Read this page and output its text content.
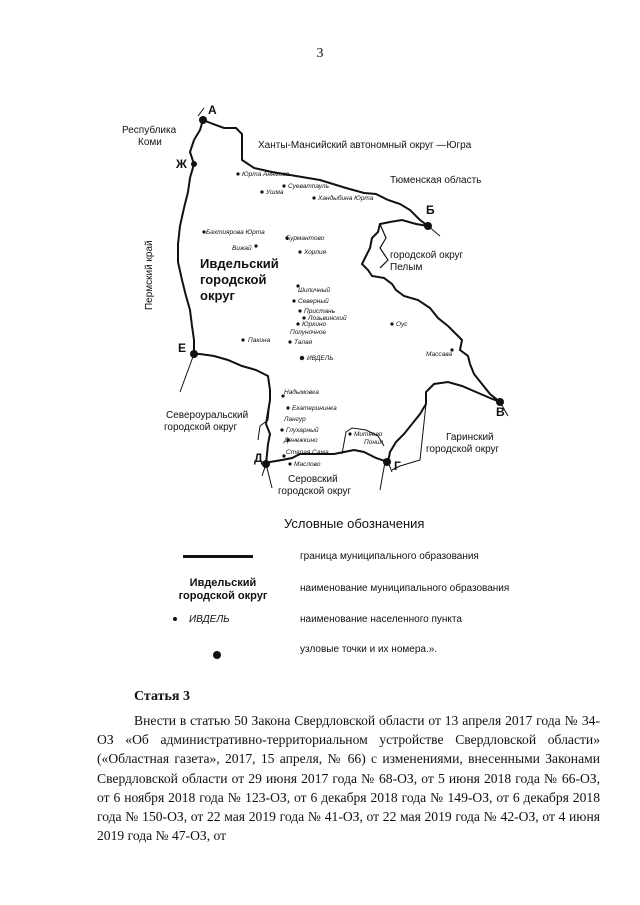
3
А
Б
В
Г
Д
Е
Ж
Республика
Коми	Ханты-Мансийский автономный округ —Югра
Тюменская область
Пермский край	городской округ
Пелым
Североуральский
городской округ
Гаринский
городской округ
Серовский
городской округ
Ивдельский
городской
округ
Юрта Анямова
Суеватпауль
Ушма
Хандыбина Юрта
Бахтиярова Юрта
Вижай
Бурмантово
Хорпия
Шипичный
Северный
Пристань
Лозьвинский
Юркино
Полуночное
Талая
Пакина
ИВДЕЛЬ
Оус
Массава
Надымовка
Екатерининка
Лангур
Глухарный
Денежкино
Митяево
Понил
Старая Сама
Маслово
Условные обозначения
граница муниципального образования
Ивдельский
городской округ
наименование муниципального образования
ИВДЕЛЬ	наименование населенного пункта
узловые точки и их номера.».
Статья 3

Внести в статью 50 Закона Свердловской области от 13 апреля 2017 года № 34-ОЗ «Об административно-территориальном устройстве Свердловской области» («Областная газета», 2017, 15 апреля, № 66) с изменениями, внесенными Законами Свердловской области от 29 июня 2017 года № 68-ОЗ, от 5 июня 2018 года № 66-ОЗ, от 6 ноября 2018 года № 123-ОЗ, от 6 декабря 2018 года № 149-ОЗ, от 6 декабря 2018 года № 150-ОЗ, от 22 мая 2019 года № 41-ОЗ, от 22 мая 2019 года № 42-ОЗ, от 4 июня 2019 года № 47-ОЗ, от
